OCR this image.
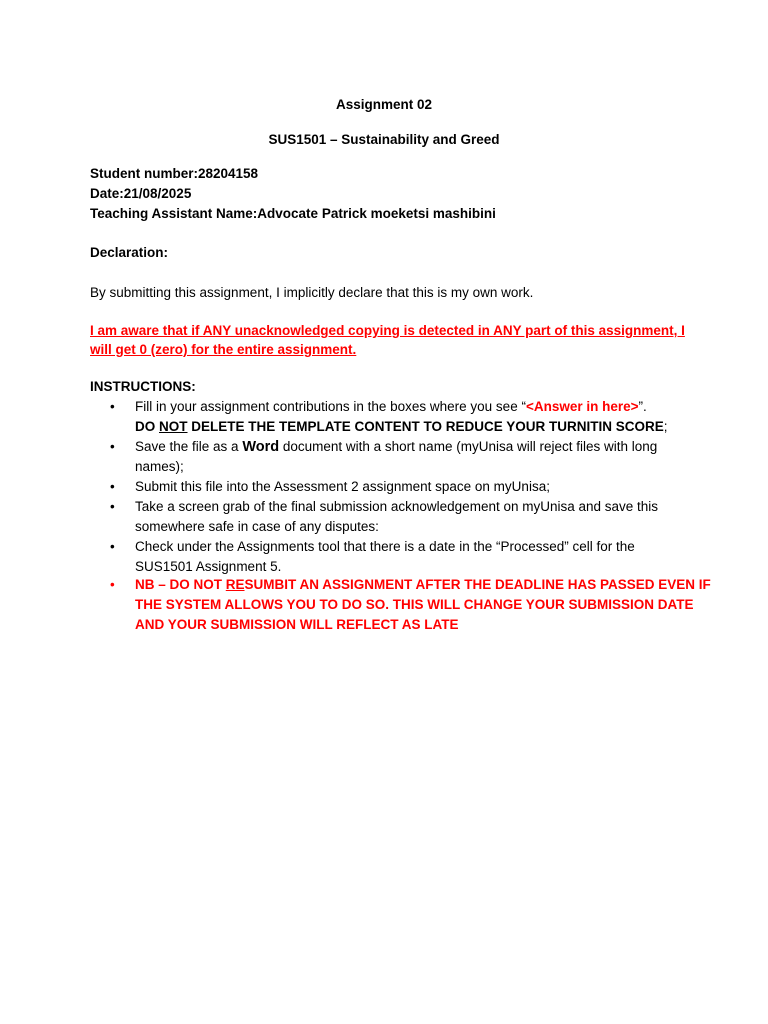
Assignment 02
SUS1501 – Sustainability and Greed
Student number:28204158
Date:21/08/2025
Teaching Assistant Name:Advocate Patrick moeketsi mashibini
Declaration:
By submitting this assignment, I implicitly declare that this is my own work.
I am aware that if ANY unacknowledged copying is detected in ANY part of this assignment, I
will get 0 (zero) for the entire assignment.
INSTRUCTIONS:
• Fill in your assignment contributions in the boxes where you see “<Answer in here>”.
DO NOT DELETE THE TEMPLATE CONTENT TO REDUCE YOUR TURNITIN SCORE;
• Save the file as a Word document with a short name (myUnisa will reject files with long
names);
• Submit this file into the Assessment 2 assignment space on myUnisa;
• Take a screen grab of the final submission acknowledgement on myUnisa and save this
somewhere safe in case of any disputes:
• Check under the Assignments tool that there is a date in the “Processed” cell for the
SUS1501 Assignment 5.
• NB – DO NOT RESUMBIT AN ASSIGNMENT AFTER THE DEADLINE HAS PASSED EVEN IF
THE SYSTEM ALLOWS YOU TO DO SO. THIS WILL CHANGE YOUR SUBMISSION DATE
AND YOUR SUBMISSION WILL REFLECT AS LATE
